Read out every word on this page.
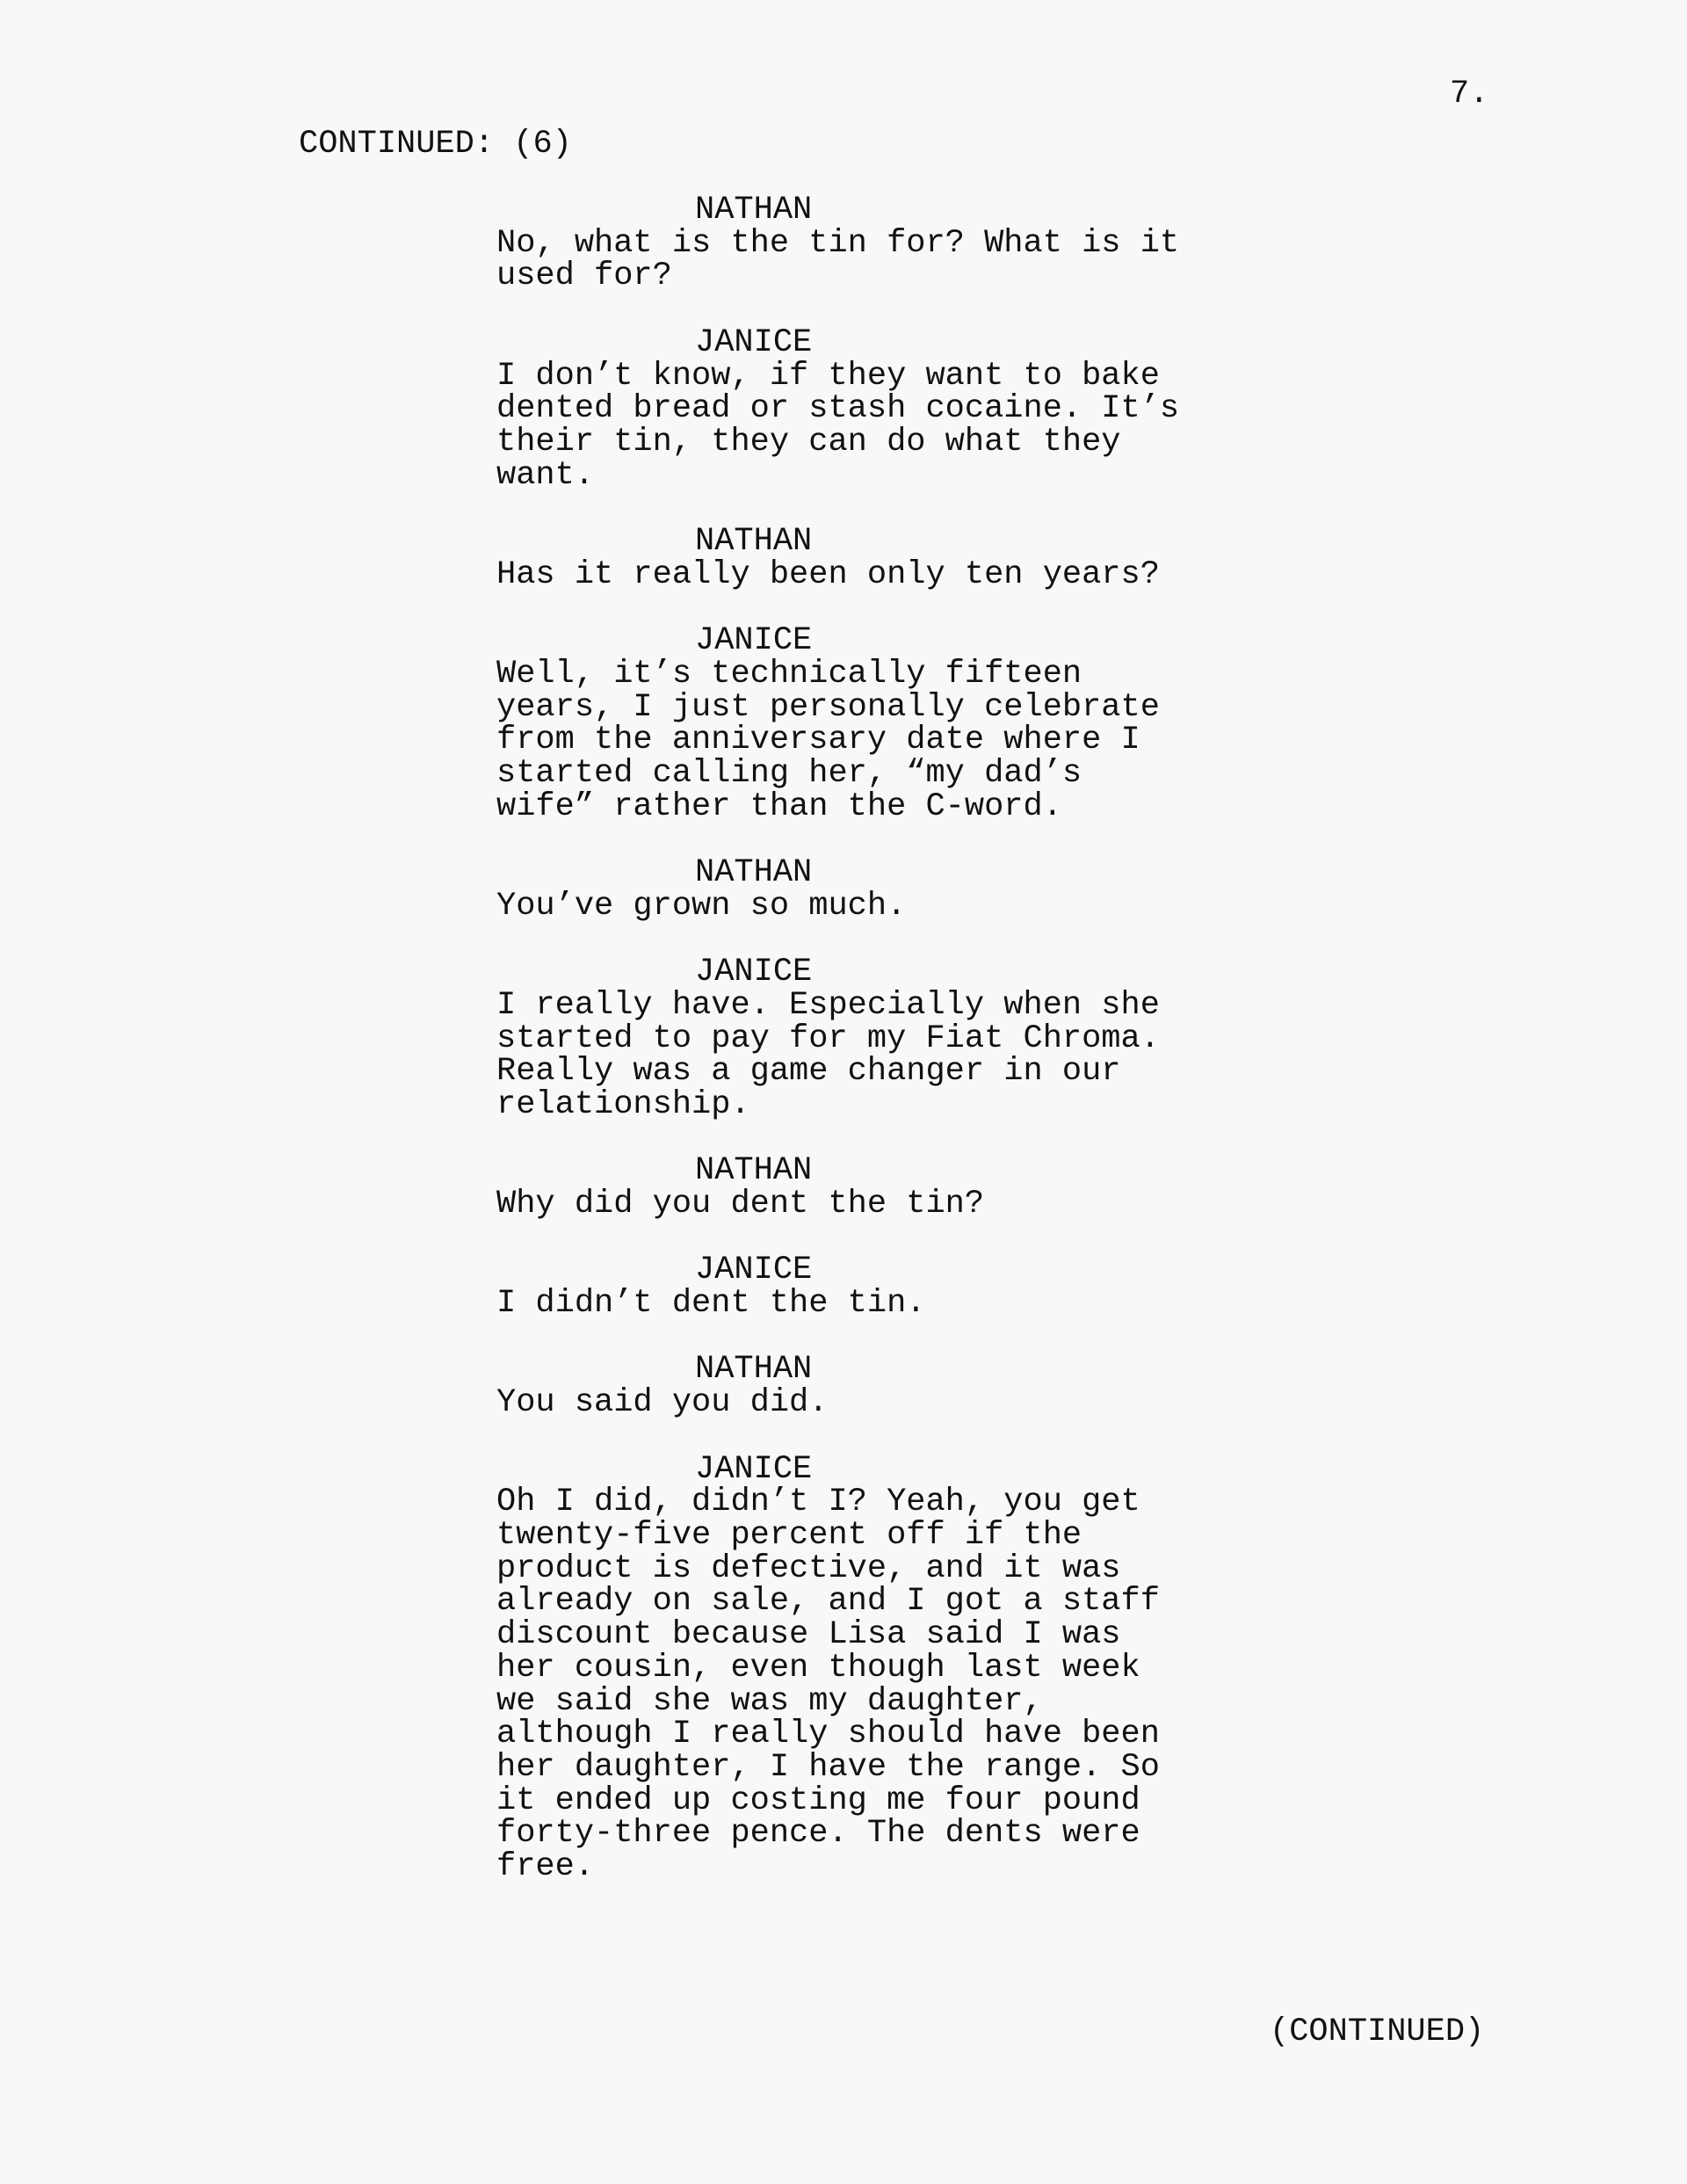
7.
CONTINUED: (6)
NATHAN
No, what is the tin for? What is it
used for?
JANICE
I don’t know, if they want to bake
dented bread or stash cocaine. It’s
their tin, they can do what they
want.
NATHAN
Has it really been only ten years?
JANICE
Well, it’s technically fifteen
years, I just personally celebrate
from the anniversary date where I
started calling her, “my dad’s
wife” rather than the C-word.
NATHAN
You’ve grown so much.
JANICE
I really have. Especially when she
started to pay for my Fiat Chroma.
Really was a game changer in our
relationship.
NATHAN
Why did you dent the tin?
JANICE
I didn’t dent the tin.
NATHAN
You said you did.
JANICE
Oh I did, didn’t I? Yeah, you get
twenty-five percent off if the
product is defective, and it was
already on sale, and I got a staff
discount because Lisa said I was
her cousin, even though last week
we said she was my daughter,
although I really should have been
her daughter, I have the range. So
it ended up costing me four pound
forty-three pence. The dents were
free.
(CONTINUED)
